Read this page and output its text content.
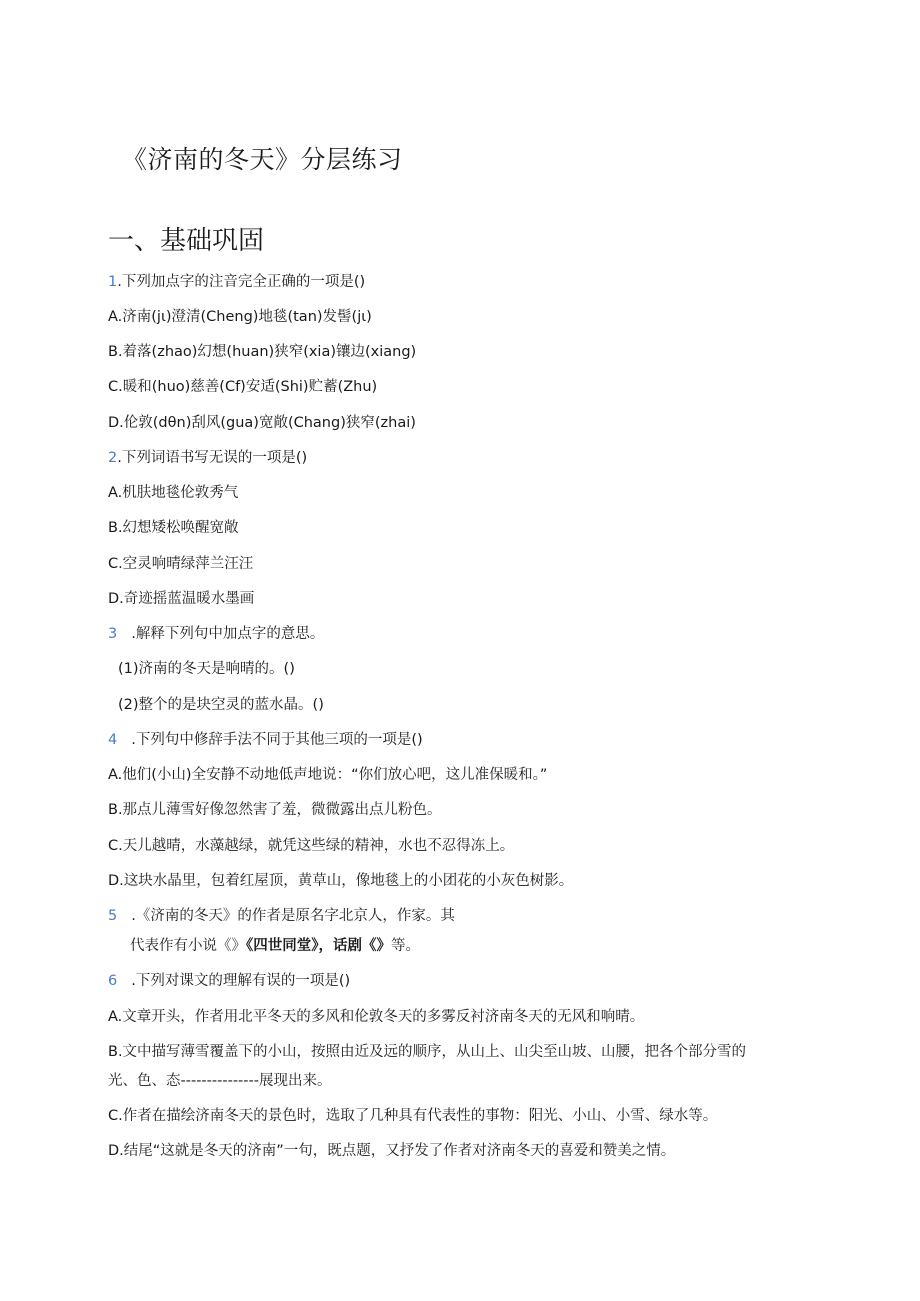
《济南的冬天》分层练习
一、基础巩固
1.下列加点字的注音完全正确的一项是()
A.济南(jι)澄清(Cheng)地毯(tan)发髻(jι)
B.着落(zhao)幻想(huan)狭窄(xia)镶边(xiang)
C.暖和(huo)慈善(Cf)安适(Shi)贮蓄(Zhu)
D.伦敦(dθn)刮风(gua)宽敞(Chang)狭窄(zhai)
2.下列词语书写无误的一项是()
A.机肤地毯伦敦秀气
B.幻想矮松唤醒宽敞
C.空灵响晴绿萍兰汪汪
D.奇迹摇蓝温暖水墨画
3 .解释下列句中加点字的意思。
(1)济南的冬天是响晴的。()
(2)整个的是块空灵的蓝水晶。()
4 .下列句中修辞手法不同于其他三项的一项是()
A.他们(小山)全安静不动地低声地说：“你们放心吧，这儿准保暖和。”
B.那点儿薄雪好像忽然害了羞，微微露出点儿粉色。
C.天儿越晴，水藻越绿，就凭这些绿的精神，水也不忍得冻上。
D.这块水晶里，包着红屋顶，黄草山，像地毯上的小团花的小灰色树影。
5 .《济南的冬天》的作者是原名字北京人，作家。其
代表作有小说《》《四世同堂》，话剧《》等。
6 .下列对课文的理解有误的一项是()
A.文章开头，作者用北平冬天的多风和伦敦冬天的多雾反衬济南冬天的无风和响晴。
B.文中描写薄雪覆盖下的小山，按照由近及远的顺序，从山上、山尖至山坡、山腰，把各个部分雪的
光、色、态---------------展现出来。
C.作者在描绘济南冬天的景色时，选取了几种具有代表性的事物：阳光、小山、小雪、绿水等。
D.结尾“这就是冬天的济南”一句，既点题，又抒发了作者对济南冬天的喜爱和赞美之情。
